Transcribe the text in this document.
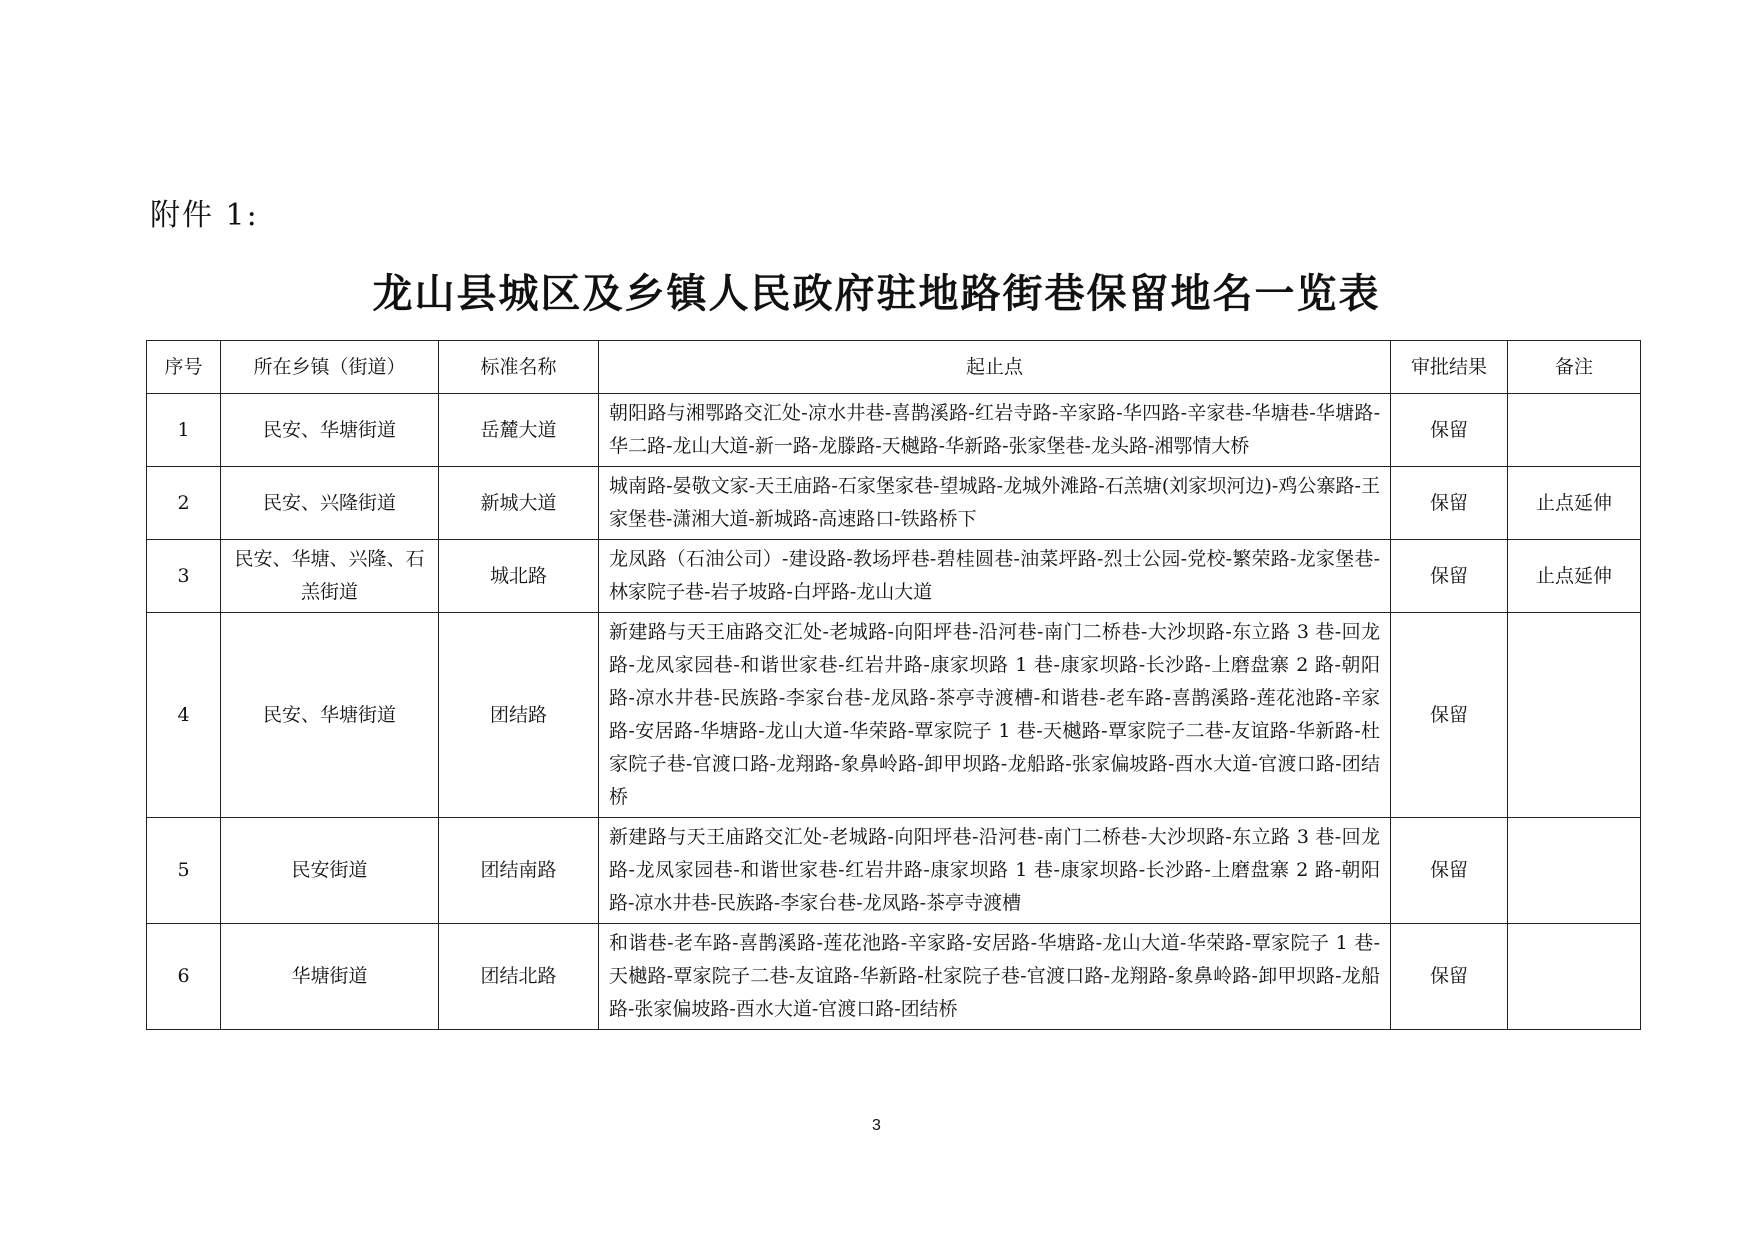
附件 1:
龙山县城区及乡镇人民政府驻地路街巷保留地名一览表
序号	所在乡镇（街道）	标准名称	起止点	审批结果	备注
1	民安、华塘街道	岳麓大道	朝阳路与湘鄂路交汇处-凉水井巷-喜鹊溪路-红岩寺路-辛家路-华四路-辛家巷-华塘巷-华塘路-华二路-龙山大道-新一路-龙滕路-天樾路-华新路-张家堡巷-龙头路-湘鄂情大桥	保留	
2	民安、兴隆街道	新城大道	城南路-晏敬文家-天王庙路-石家堡家巷-望城路-龙城外滩路-石羔塘(刘家坝河边)-鸡公寨路-王家堡巷-潇湘大道-新城路-高速路口-铁路桥下	保留	止点延伸
3	民安、华塘、兴隆、石羔街道	城北路	龙凤路（石油公司）-建设路-教场坪巷-碧桂圆巷-油菜坪路-烈士公园-党校-繁荣路-龙家堡巷-林家院子巷-岩子坡路-白坪路-龙山大道	保留	止点延伸
4	民安、华塘街道	团结路	新建路与天王庙路交汇处-老城路-向阳坪巷-沿河巷-南门二桥巷-大沙坝路-东立路 3 巷-回龙路-龙凤家园巷-和谐世家巷-红岩井路-康家坝路 1 巷-康家坝路-长沙路-上磨盘寨 2 路-朝阳路-凉水井巷-民族路-李家台巷-龙凤路-茶亭寺渡槽-和谐巷-老车路-喜鹊溪路-莲花池路-辛家路-安居路-华塘路-龙山大道-华荣路-覃家院子 1 巷-天樾路-覃家院子二巷-友谊路-华新路-杜家院子巷-官渡口路-龙翔路-象鼻岭路-卸甲坝路-龙船路-张家偏坡路-酉水大道-官渡口路-团结桥	保留	
5	民安街道	团结南路	新建路与天王庙路交汇处-老城路-向阳坪巷-沿河巷-南门二桥巷-大沙坝路-东立路 3 巷-回龙路-龙凤家园巷-和谐世家巷-红岩井路-康家坝路 1 巷-康家坝路-长沙路-上磨盘寨 2 路-朝阳路-凉水井巷-民族路-李家台巷-龙凤路-茶亭寺渡槽	保留	
6	华塘街道	团结北路	和谐巷-老车路-喜鹊溪路-莲花池路-辛家路-安居路-华塘路-龙山大道-华荣路-覃家院子 1 巷-天樾路-覃家院子二巷-友谊路-华新路-杜家院子巷-官渡口路-龙翔路-象鼻岭路-卸甲坝路-龙船路-张家偏坡路-酉水大道-官渡口路-团结桥	保留	
3
